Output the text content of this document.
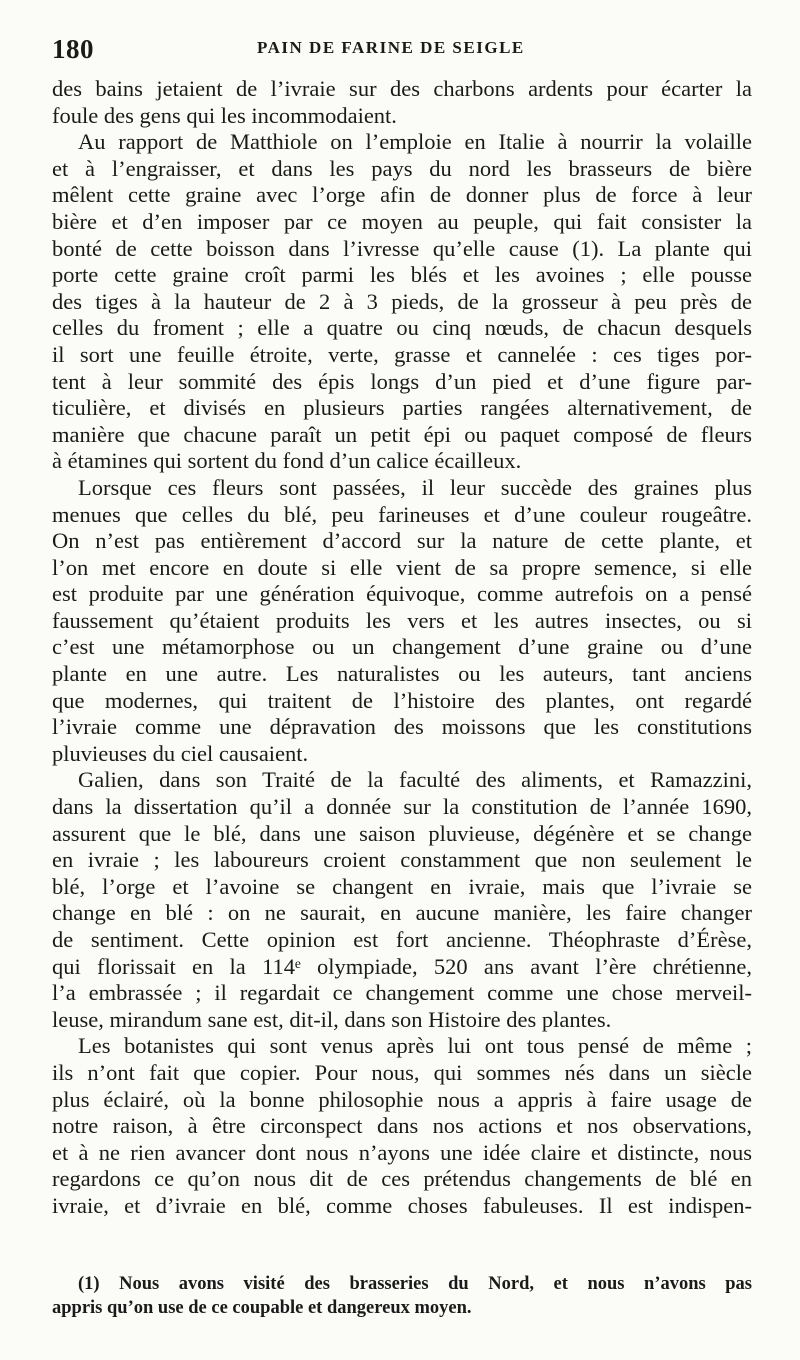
180	PAIN DE FARINE DE SEIGLE
des bains jetaient de l’ivraie sur des charbons ardents pour écarter la
foule des gens qui les incommodaient.
Au rapport de Matthiole on l’emploie en Italie à nourrir la volaille
et à l’engraisser, et dans les pays du nord les brasseurs de bière
mêlent cette graine avec l’orge afin de donner plus de force à leur
bière et d’en imposer par ce moyen au peuple, qui fait consister la
bonté de cette boisson dans l’ivresse qu’elle cause (1). La plante qui
porte cette graine croît parmi les blés et les avoines ; elle pousse
des tiges à la hauteur de 2 à 3 pieds, de la grosseur à peu près de
celles du froment ; elle a quatre ou cinq nœuds, de chacun desquels
il sort une feuille étroite, verte, grasse et cannelée : ces tiges por-
tent à leur sommité des épis longs d’un pied et d’une figure par-
ticulière, et divisés en plusieurs parties rangées alternativement, de
manière que chacune paraît un petit épi ou paquet composé de fleurs
à étamines qui sortent du fond d’un calice écailleux.
Lorsque ces fleurs sont passées, il leur succède des graines plus
menues que celles du blé, peu farineuses et d’une couleur rougeâtre.
On n’est pas entièrement d’accord sur la nature de cette plante, et
l’on met encore en doute si elle vient de sa propre semence, si elle
est produite par une génération équivoque, comme autrefois on a pensé
faussement qu’étaient produits les vers et les autres insectes, ou si
c’est une métamorphose ou un changement d’une graine ou d’une
plante en une autre. Les naturalistes ou les auteurs, tant anciens
que modernes, qui traitent de l’histoire des plantes, ont regardé
l’ivraie comme une dépravation des moissons que les constitutions
pluvieuses du ciel causaient.
Galien, dans son Traité de la faculté des aliments, et Ramazzini,
dans la dissertation qu’il a donnée sur la constitution de l’année 1690,
assurent que le blé, dans une saison pluvieuse, dégénère et se change
en ivraie ; les laboureurs croient constamment que non seulement le
blé, l’orge et l’avoine se changent en ivraie, mais que l’ivraie se
change en blé : on ne saurait, en aucune manière, les faire changer
de sentiment. Cette opinion est fort ancienne. Théophraste d’Érèse,
qui florissait en la 114ᵉ olympiade, 520 ans avant l’ère chrétienne,
l’a embrassée ; il regardait ce changement comme une chose merveil-
leuse, mirandum sane est, dit-il, dans son Histoire des plantes.
Les botanistes qui sont venus après lui ont tous pensé de même ;
ils n’ont fait que copier. Pour nous, qui sommes nés dans un siècle
plus éclairé, où la bonne philosophie nous a appris à faire usage de
notre raison, à être circonspect dans nos actions et nos observations,
et à ne rien avancer dont nous n’ayons une idée claire et distincte, nous
regardons ce qu’on nous dit de ces prétendus changements de blé en
ivraie, et d’ivraie en blé, comme choses fabuleuses. Il est indispen-
(1) Nous avons visité des brasseries du Nord, et nous n’avons pas
appris qu’on use de ce coupable et dangereux moyen.
